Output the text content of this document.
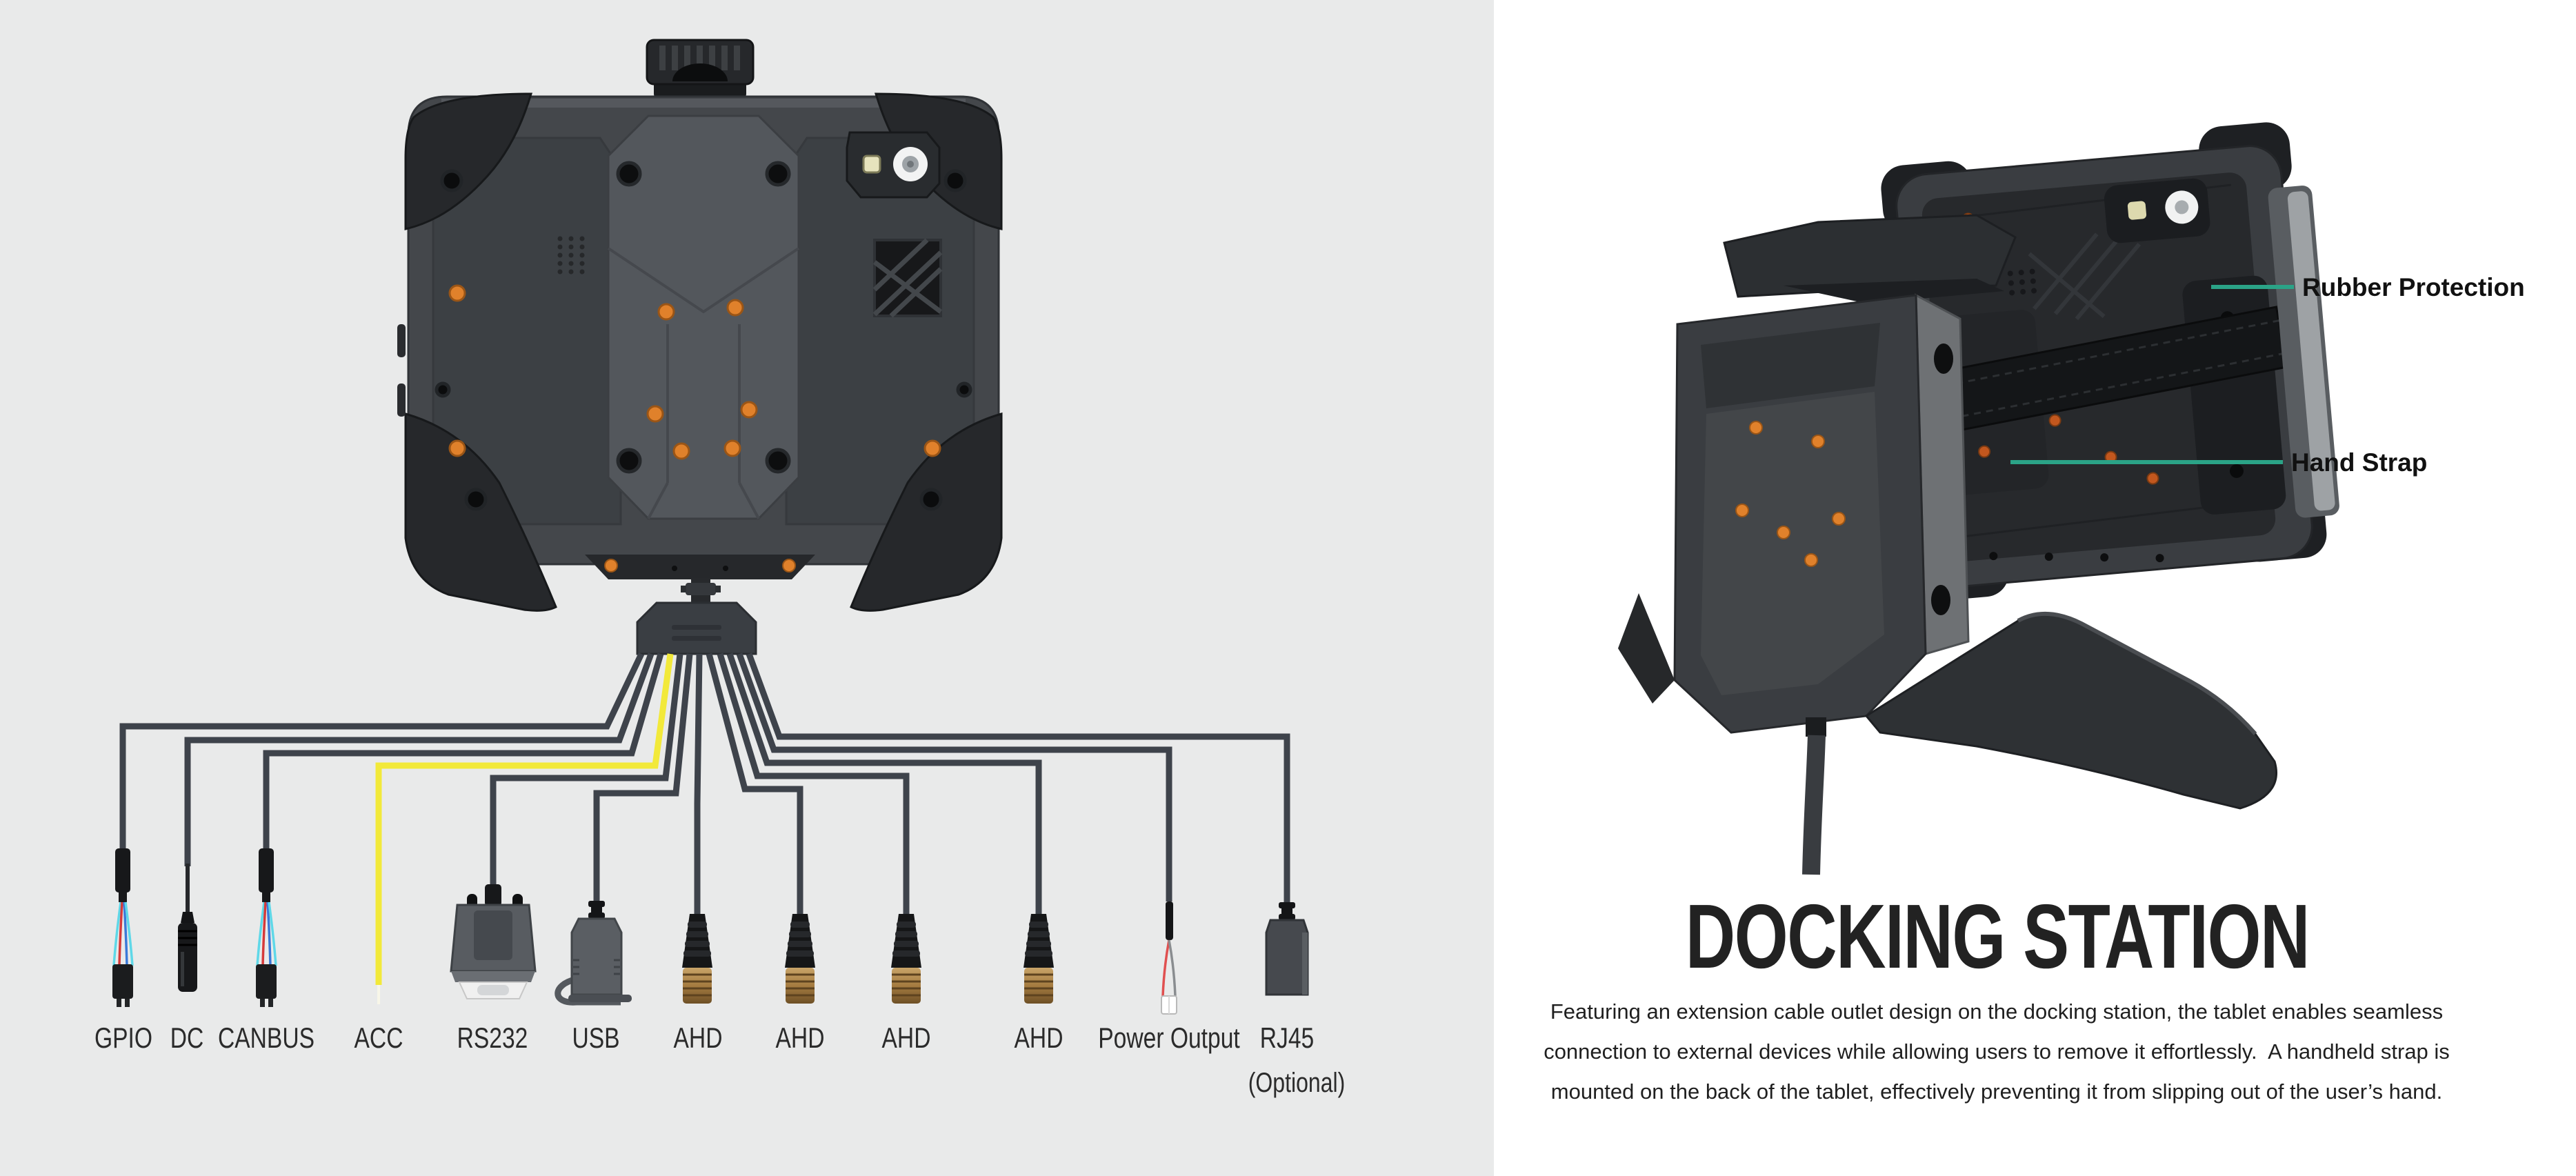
GPIO DC CANBUS ACC RS232 USB AHD AHD AHD	AHD Power Output RJ45
(Optional)
Rubber Protection
Hand Strap
DOCKING STATION
Featuring an extension cable outlet design on the docking station, the tablet enables seamless
connection to external devices while allowing users to remove it effortlessly.  A handheld strap is
mounted on the back of the tablet, effectively preventing it from slipping out of the user’s hand.
